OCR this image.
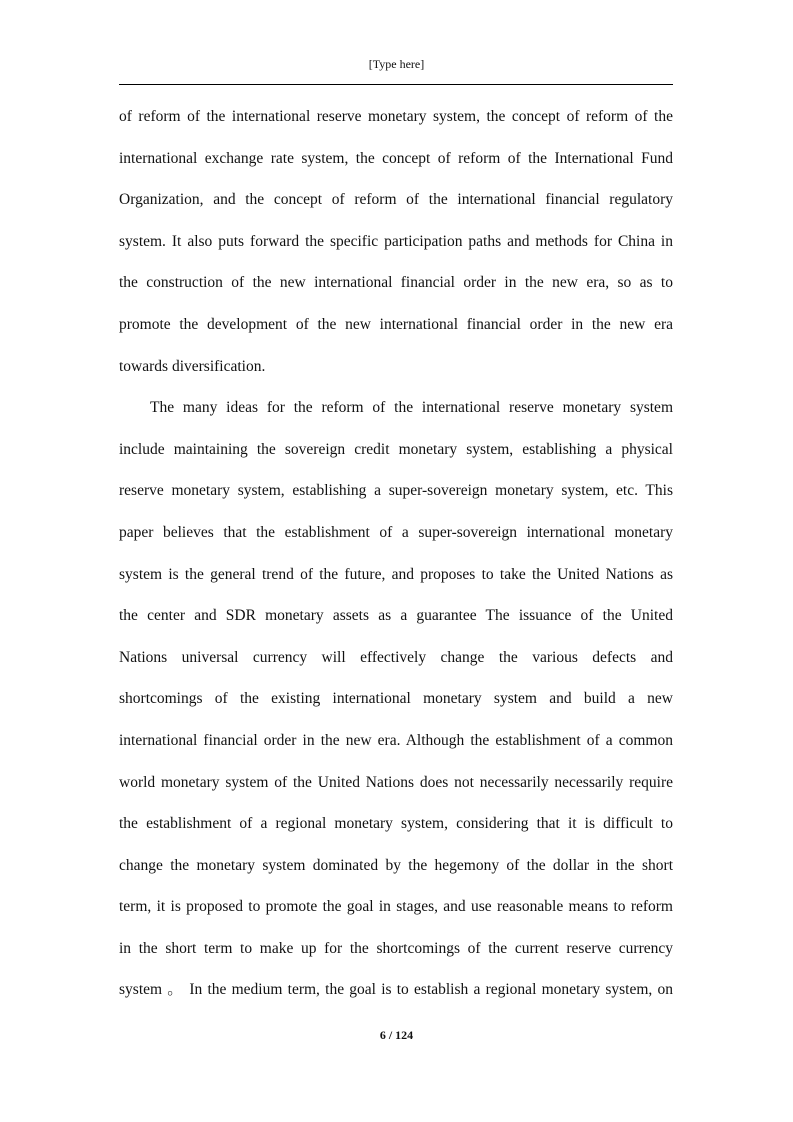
[Type here]
of reform of the international reserve monetary system, the concept of reform of the
international exchange rate system, the concept of reform of the International Fund
Organization, and the concept of reform of the international financial regulatory
system. It also puts forward the specific participation paths and methods for China in
the construction of the new international financial order in the new era, so as to
promote the development of the new international financial order in the new era
towards diversification.
The many ideas for the reform of the international reserve monetary system
include maintaining the sovereign credit monetary system, establishing a physical
reserve monetary system, establishing a super-sovereign monetary system, etc. This
paper believes that the establishment of a super-sovereign international monetary
system is the general trend of the future, and proposes to take the United Nations as
the center and SDR monetary assets as a guarantee The issuance of the United
Nations universal currency will effectively change the various defects and
shortcomings of the existing international monetary system and build a new
international financial order in the new era. Although the establishment of a common
world monetary system of the United Nations does not necessarily necessarily require
the establishment of a regional monetary system, considering that it is difficult to
change the monetary system dominated by the hegemony of the dollar in the short
term, it is proposed to promote the goal in stages, and use reasonable means to reform
in the short term to make up for the shortcomings of the current reserve currency
system 。 In the medium term, the goal is to establish a regional monetary system, on
6 / 124
